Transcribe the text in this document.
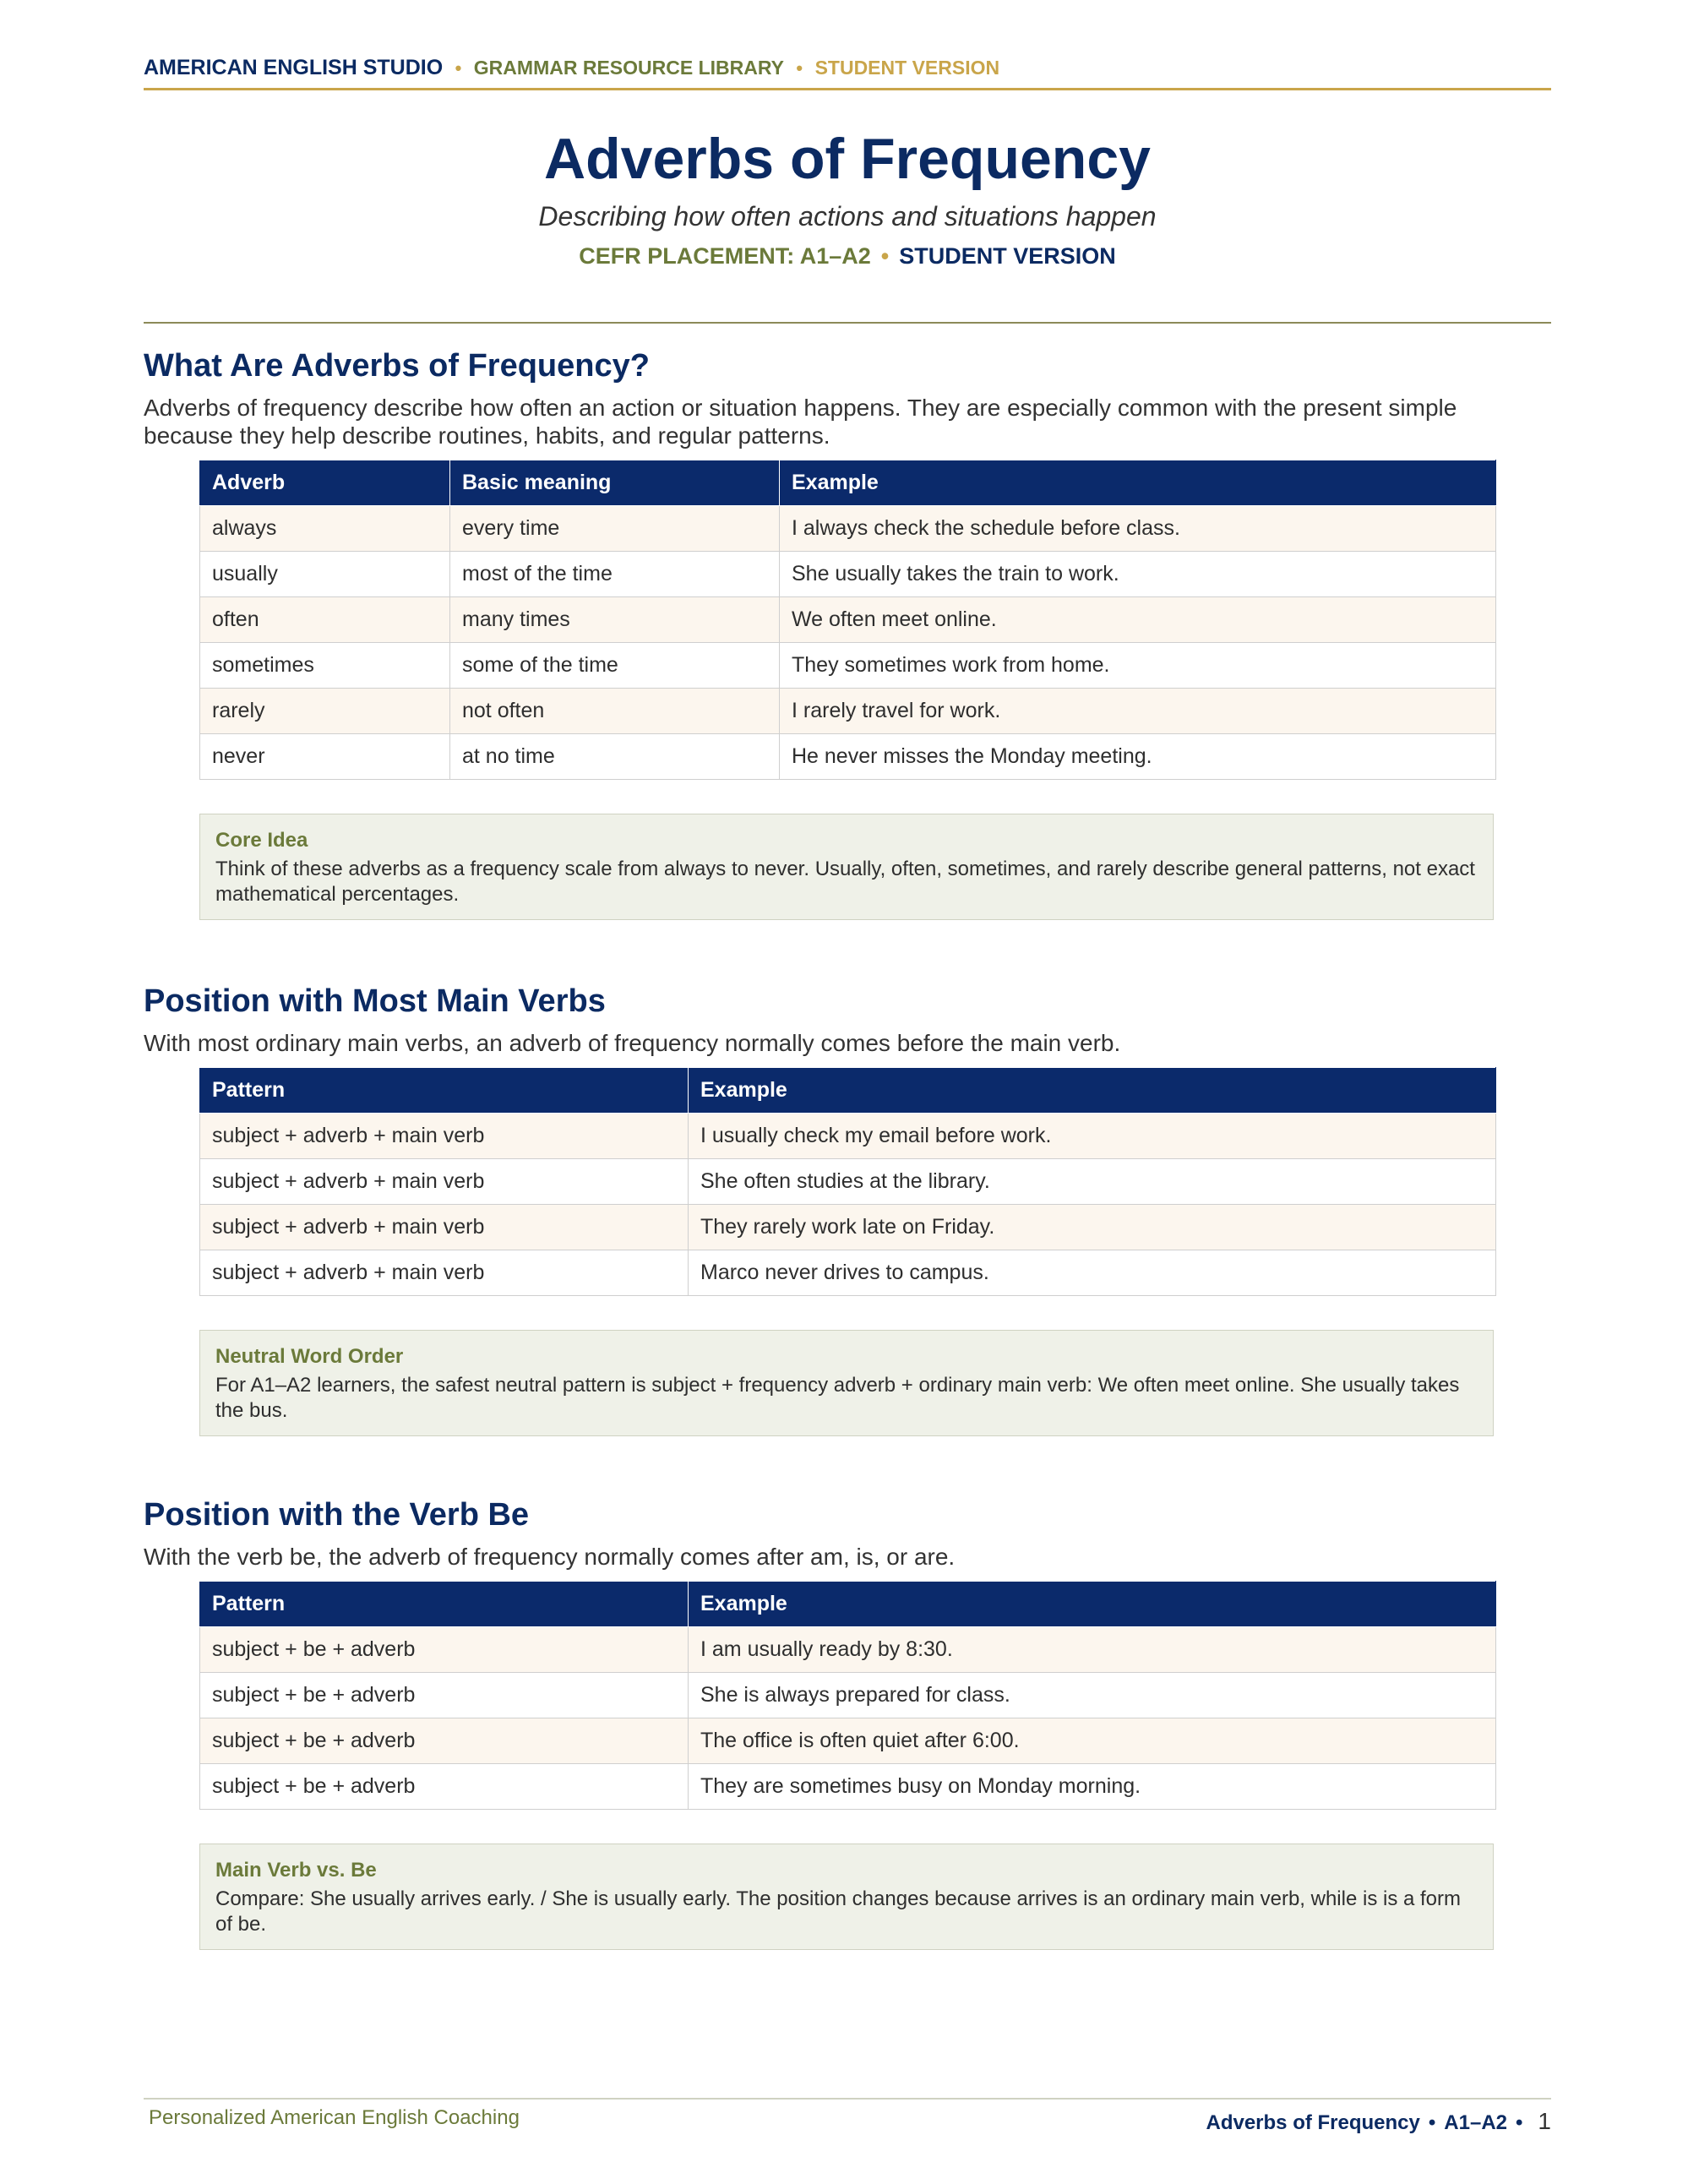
AMERICAN ENGLISH STUDIO • GRAMMAR RESOURCE LIBRARY • STUDENT VERSION
Adverbs of Frequency
Describing how often actions and situations happen
CEFR PLACEMENT: A1–A2 • STUDENT VERSION
What Are Adverbs of Frequency?
Adverbs of frequency describe how often an action or situation happens. They are especially common with the present simple because they help describe routines, habits, and regular patterns.
Adverb	Basic meaning	Example
always	every time	I always check the schedule before class.
usually	most of the time	She usually takes the train to work.
often	many times	We often meet online.
sometimes	some of the time	They sometimes work from home.
rarely	not often	I rarely travel for work.
never	at no time	He never misses the Monday meeting.
Core Idea
Think of these adverbs as a frequency scale from always to never. Usually, often, sometimes, and rarely describe general patterns, not exact mathematical percentages.
Position with Most Main Verbs
With most ordinary main verbs, an adverb of frequency normally comes before the main verb.
Pattern	Example
subject + adverb + main verb	I usually check my email before work.
subject + adverb + main verb	She often studies at the library.
subject + adverb + main verb	They rarely work late on Friday.
subject + adverb + main verb	Marco never drives to campus.
Neutral Word Order
For A1–A2 learners, the safest neutral pattern is subject + frequency adverb + ordinary main verb: We often meet online. She usually takes the bus.
Position with the Verb Be
With the verb be, the adverb of frequency normally comes after am, is, or are.
Pattern	Example
subject + be + adverb	I am usually ready by 8:30.
subject + be + adverb	She is always prepared for class.
subject + be + adverb	The office is often quiet after 6:00.
subject + be + adverb	They are sometimes busy on Monday morning.
Main Verb vs. Be
Compare: She usually arrives early. / She is usually early. The position changes because arrives is an ordinary main verb, while is is a form of be.
Personalized American English Coaching	Adverbs of Frequency • A1–A2 • 1
